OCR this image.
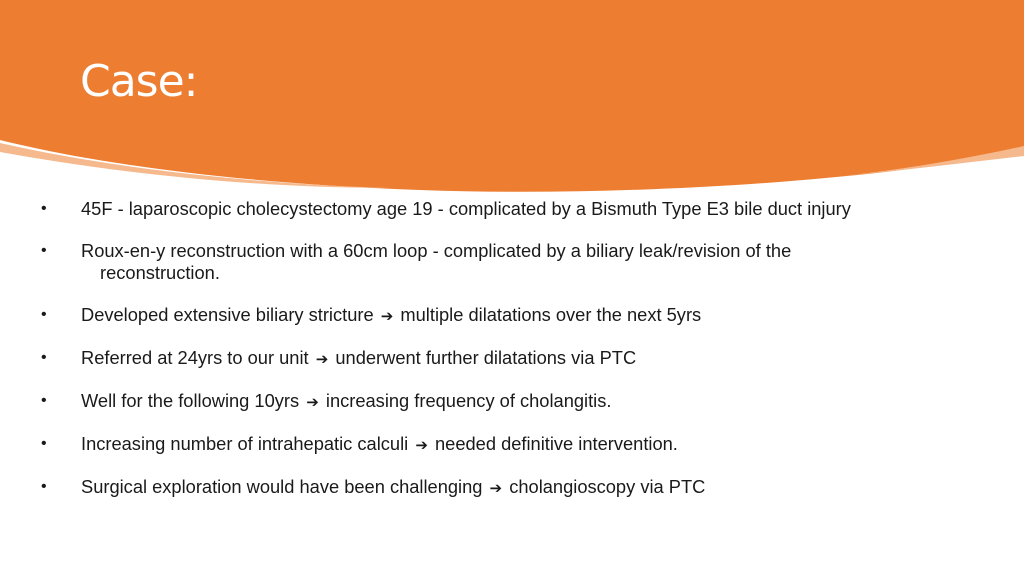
Case:
• 45F - laparoscopic cholecystectomy age 19 - complicated by a Bismuth Type E3 bile duct injury
• Roux-en-y reconstruction with a 60cm loop - complicated by a biliary leak/revision of the
reconstruction.
• Developed extensive biliary stricture ➔ multiple dilatations over the next 5yrs
• Referred at 24yrs to our unit ➔ underwent further dilatations via PTC
• Well for the following 10yrs ➔ increasing frequency of cholangitis.
• Increasing number of intrahepatic calculi ➔ needed definitive intervention.
• Surgical exploration would have been challenging ➔ cholangioscopy via PTC
